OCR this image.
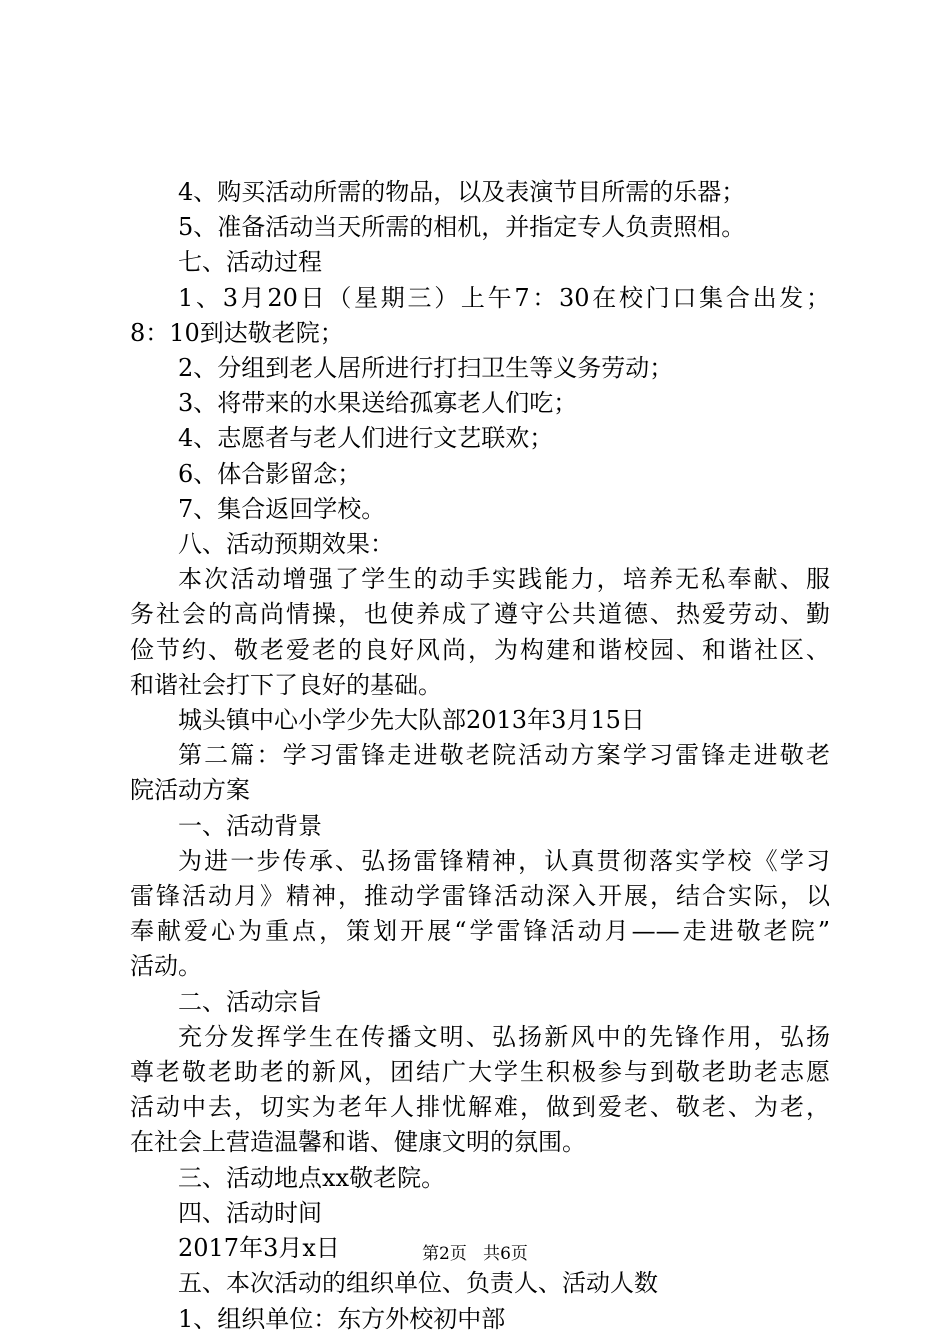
4、购买活动所需的物品，以及表演节目所需的乐器；
5、准备活动当天所需的相机，并指定专人负责照相。
七、活动过程
1、3月20日（星期三）上午7：30在校门口集合出发；
8：10到达敬老院；
2、分组到老人居所进行打扫卫生等义务劳动；
3、将带来的水果送给孤寡老人们吃；
4、志愿者与老人们进行文艺联欢；
6、体合影留念；
7、集合返回学校。
八、活动预期效果：
本次活动增强了学生的动手实践能力，培养无私奉献、服
务社会的高尚情操，也使养成了遵守公共道德、热爱劳动、勤
俭节约、敬老爱老的良好风尚，为构建和谐校园、和谐社区、
和谐社会打下了良好的基础。
城头镇中心小学少先大队部2013年3月15日
第二篇：学习雷锋走进敬老院活动方案学习雷锋走进敬老
院活动方案
一、活动背景
为进一步传承、弘扬雷锋精神，认真贯彻落实学校《学习
雷锋活动月》精神，推动学雷锋活动深入开展，结合实际，以
奉献爱心为重点，策划开展“学雷锋活动月——走进敬老院”
活动。
二、活动宗旨
充分发挥学生在传播文明、弘扬新风中的先锋作用，弘扬
尊老敬老助老的新风，团结广大学生积极参与到敬老助老志愿
活动中去，切实为老年人排忧解难，做到爱老、敬老、为老，
在社会上营造温馨和谐、健康文明的氛围。
三、活动地点xx敬老院。
四、活动时间
2017年3月x日
五、本次活动的组织单位、负责人、活动人数
1、组织单位：东方外校初中部
第2页 共6页
